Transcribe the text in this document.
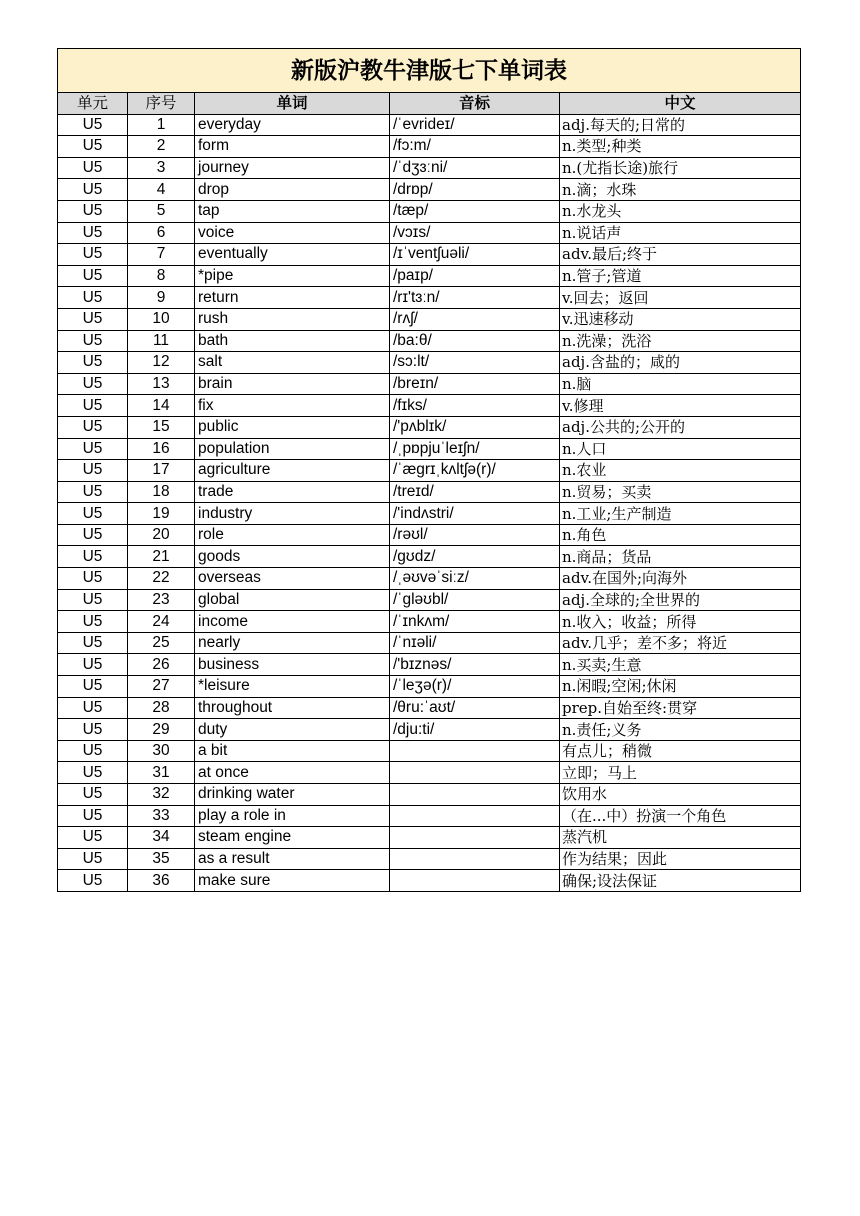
新版沪教牛津版七下单词表				
单元	序号	单词	音标	中文
U5	1	everyday	/ˈevrideɪ/	adj.每天的;日常的
U5	2	form	/fɔ:m/	n.类型;种类
U5	3	journey	/ˈdʒɜːni/	n.(尤指长途)旅行
U5	4	drop	/drɒp/	n.滴；水珠
U5	5	tap	/tæp/	n.水龙头
U5	6	voice	/vɔɪs/	n.说话声
U5	7	eventually	/ɪˈventʃuəli/	adv.最后;终于
U5	8	*pipe	/paɪp/	n.管子;管道
U5	9	return	/rɪ'tɜːn/	v.回去；返回
U5	10	rush	/rʌʃ/	v.迅速移动
U5	11	bath	/ba:θ/	n.洗澡；洗浴
U5	12	salt	/sɔ:lt/	adj.含盐的；咸的
U5	13	brain	/breɪn/	n.脑
U5	14	fix	/fɪks/	v.修理
U5	15	public	/'pʌblɪk/	adj.公共的;公开的
U5	16	population	/ˌpɒpjuˈleɪʃn/	n.人口
U5	17	agriculture	/ˈægrɪˌkʌltʃə(r)/	n.农业
U5	18	trade	/treɪd/	n.贸易；买卖
U5	19	industry	/'indʌstri/	n.工业;生产制造
U5	20	role	/rəʊl/	n.角色
U5	21	goods	/gʊdz/	n.商品；货品
U5	22	overseas	/ˌəʊvəˈsiːz/	adv.在国外;向海外
U5	23	global	/ˈgləʊbl/	adj.全球的;全世界的
U5	24	income	/ˈɪnkʌm/	n.收入；收益；所得
U5	25	nearly	/ˈnɪəli/	adv.几乎；差不多；将近
U5	26	business	/'bɪznəs/	n.买卖;生意
U5	27	*leisure	/ˈleʒə(r)/	n.闲暇;空闲;休闲
U5	28	throughout	/θru:ˈaʊt/	prep.自始至终:贯穿
U5	29	duty	/dju:ti/	n.责任;义务
U5	30	a bit		有点儿；稍微
U5	31	at once		立即；马上
U5	32	drinking water		饮用水
U5	33	play a role in		（在...中）扮演一个角色
U5	34	steam engine		蒸汽机
U5	35	as a result		作为结果；因此
U5	36	make sure		确保;设法保证
